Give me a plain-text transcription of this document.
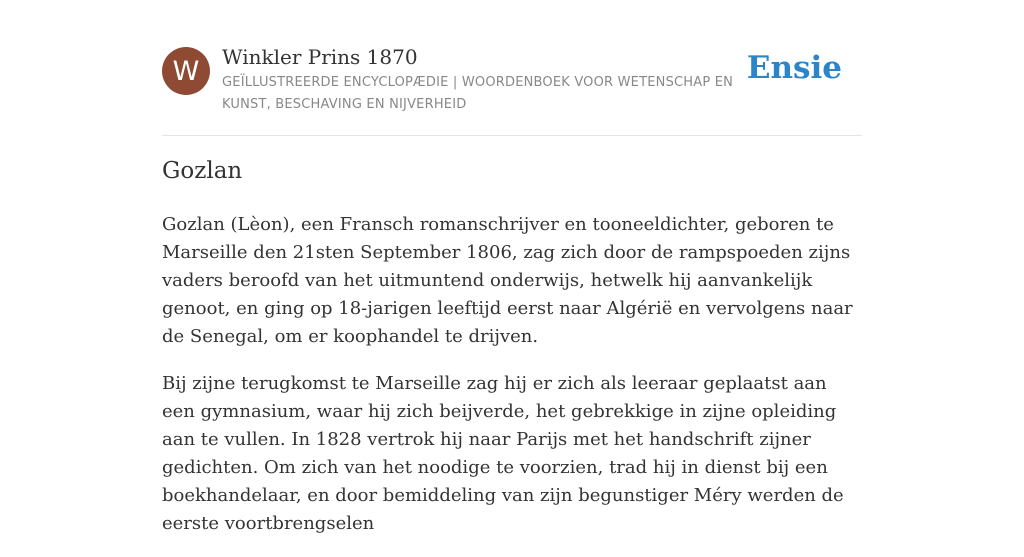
W	Winkler Prins 1870
GEÏLLUSTREERDE ENCYCLOPÆDIE | WOORDENBOEK VOOR WETENSCHAP EN KUNST, BESCHAVING EN NIJVERHEID
Ensie
Gozlan

Gozlan (Lèon), een Fransch romanschrijver en tooneeldichter, geboren te Marseille den 21sten September 1806, zag zich door de rampspoeden zijns vaders beroofd van het uitmuntend onderwijs, hetwelk hij aanvankelijk genoot, en ging op 18-jarigen leeftijd eerst naar Algérië en vervolgens naar de Senegal, om er koophandel te drijven.

Bij zijne terugkomst te Marseille zag hij er zich als leeraar geplaatst aan een gymnasium, waar hij zich beijverde, het gebrekkige in zijne opleiding aan te vullen. In 1828 vertrok hij naar Parijs met het handschrift zijner gedichten. Om zich van het noodige te voorzien, trad hij in dienst bij een boekhandelaar, en door bemiddeling van zijn begunstiger Méry werden de eerste voortbrengselen
